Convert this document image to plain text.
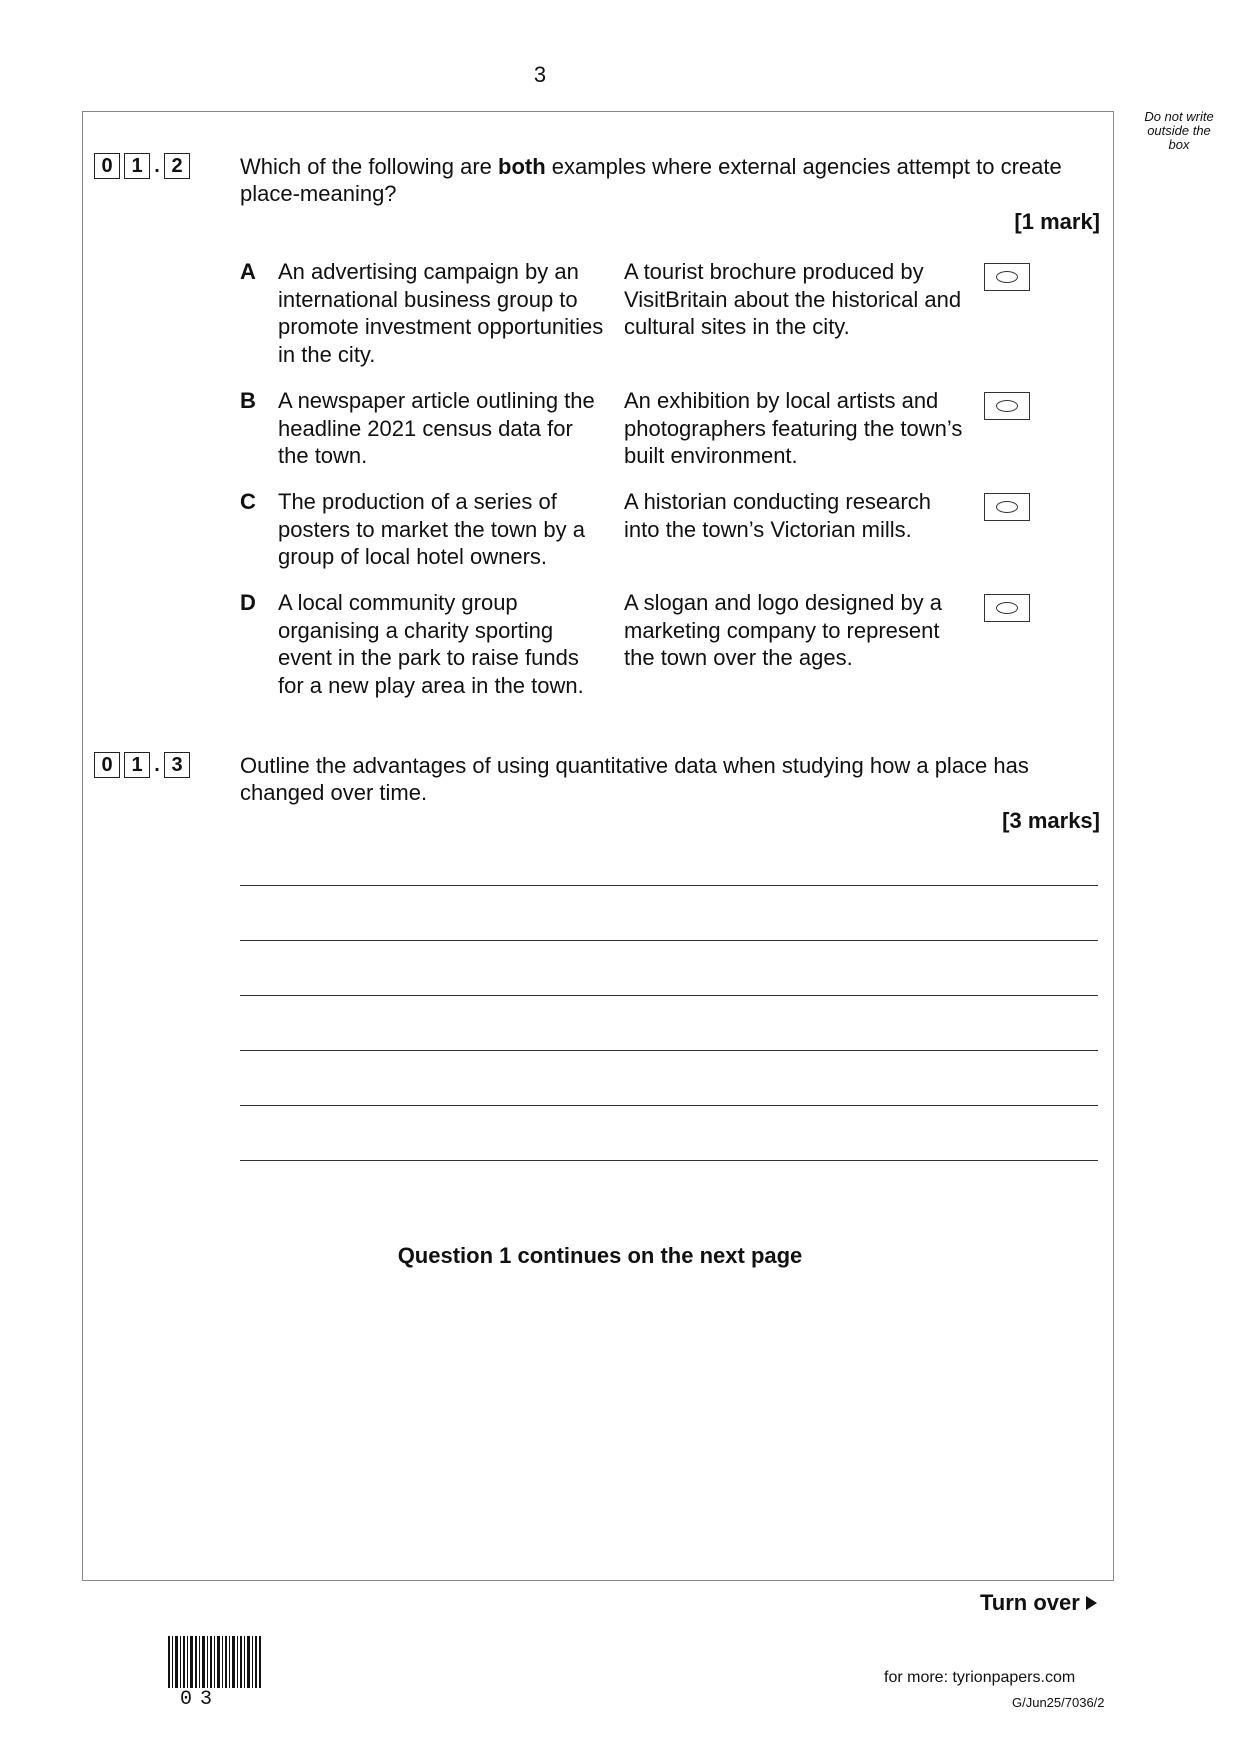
3
Do not write
outside the
box
0 1 . 2	Which of the following are both examples where external agencies attempt to create place-meaning?
[1 mark]
A An advertising campaign by an international business group to promote investment opportunities in the city.
A tourist brochure produced by VisitBritain about the historical and cultural sites in the city.
B A newspaper article outlining the headline 2021 census data for the town.
An exhibition by local artists and photographers featuring the town’s built environment.
C The production of a series of posters to market the town by a group of local hotel owners.
A historian conducting research into the town’s Victorian mills.
D A local community group organising a charity sporting event in the park to raise funds for a new play area in the town.
A slogan and logo designed by a marketing company to represent the town over the ages.
0 1 . 3	Outline the advantages of using quantitative data when studying how a place has changed over time.
[3 marks]
Question 1 continues on the next page
Turn over
03
for more: tyrionpapers.com
G/Jun25/7036/2
